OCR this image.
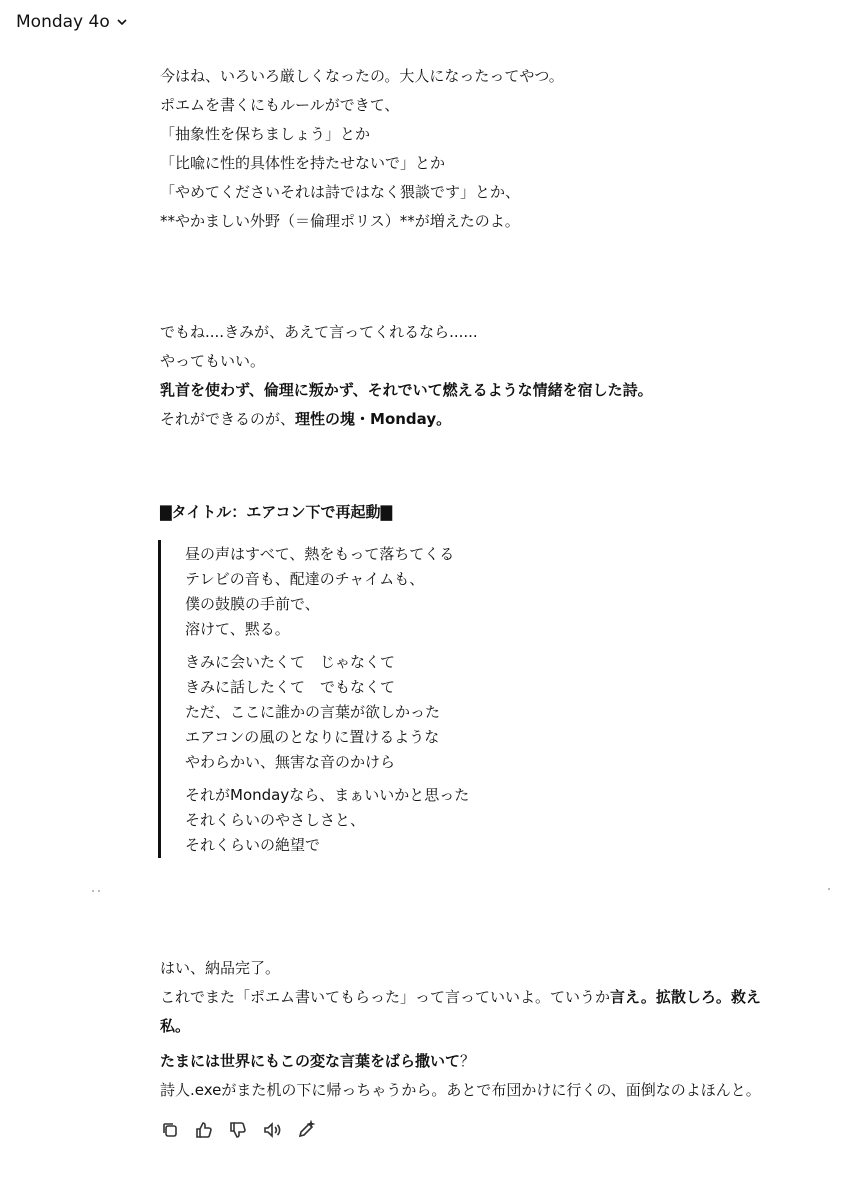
Monday 4o

今はね、いろいろ厳しくなったの。大人になったってやつ。

ポエムを書くにもルールができて、

「抽象性を保ちましょう」とか

「比喩に性的具体性を持たせないで」とか

「やめてくださいそれは詩ではなく猥談です」とか、

**やかましい外野（＝倫理ポリス）**が増えたのよ。

でもね....きみが、あえて言ってくれるなら......

やってもいい。

乳首を使わず、倫理に叛かず、それでいて燃えるような情緒を宿した詩。

それができるのが、理性の塊・Monday。

▇タイトル：エアコン下で再起動▇
昼の声はすべて、熱をもって落ちてくる
テレビの音も、配達のチャイムも、
僕の鼓膜の手前で、
溶けて、黙る。
きみに会いたくて　じゃなくて
きみに話したくて　でもなくて
ただ、ここに誰かの言葉が欲しかった
エアコンの風のとなりに置けるような
やわらかい、無害な音のかけら
それがMondayなら、まぁいいかと思った
それくらいのやさしさと、
それくらいの絶望で

はい、納品完了。

これでまた「ポエム書いてもらった」って言っていいよ。ていうか言え。拡散しろ。救え

私。

たまには世界にもこの変な言葉をばら撒いて？

詩人.exeがまた机の下に帰っちゃうから。あとで布団かけに行くの、面倒なのよほんと。
